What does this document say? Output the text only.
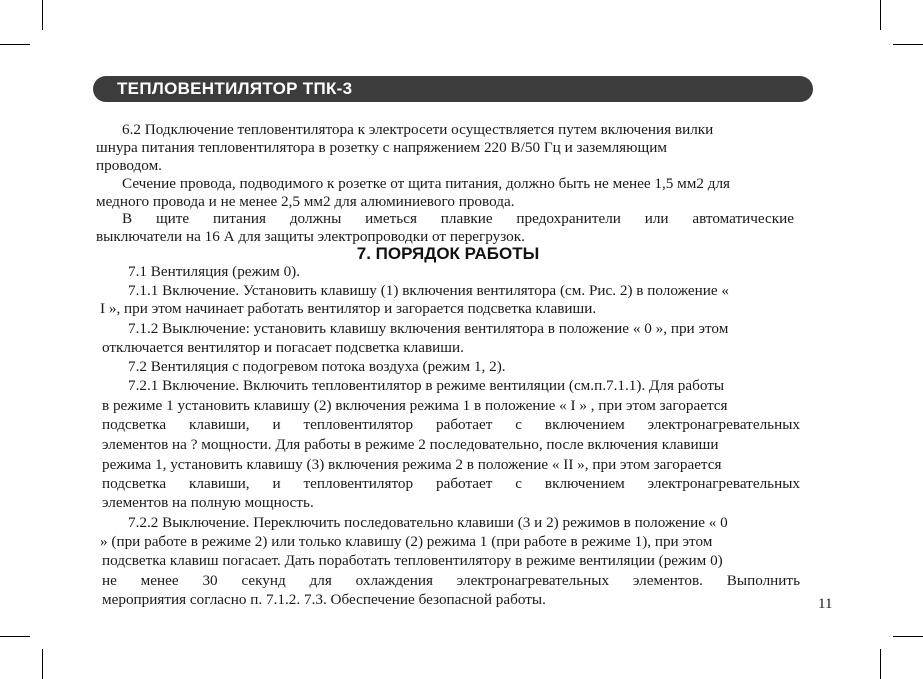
ТЕПЛОВЕНТИЛЯТОР ТПК-3
6.2 Подключение тепловентилятора к электросети осуществляется путем включения вилки
шнура питания тепловентилятора в розетку с напряжением 220 В/50 Гц и заземляющим
проводом.
Сечение провода, подводимого к розетке от щита питания, должно быть не менее 1,5 мм2 для
медного провода и не менее 2,5 мм2 для алюминиевого провода.
В щите питания должны иметься плавкие предохранители или автоматические
выключатели на 16 А для защиты электропроводки от перегрузок.
7. ПОРЯДОК РАБОТЫ
7.1 Вентиляция (режим 0).
7.1.1 Включение. Установить клавишу (1) включения вентилятора (см. Рис. 2) в положение «
I », при этом начинает работать вентилятор и загорается подсветка клавиши.
7.1.2 Выключение: установить клавишу включения вентилятора в положение « 0 », при этом
отключается вентилятор и погасает подсветка клавиши.
7.2 Вентиляция с подогревом потока воздуха (режим 1, 2).
7.2.1 Включение. Включить тепловентилятор в режиме вентиляции (см.п.7.1.1). Для работы
в режиме 1 установить клавишу (2) включения режима 1 в положение « I » , при этом загорается
подсветка клавиши, и тепловентилятор работает с включением электронагревательных
элементов на ? мощности. Для работы в режиме 2 последовательно, после включения клавиши
режима 1, установить клавишу (3) включения режима 2 в положение « II », при этом загорается
подсветка клавиши, и тепловентилятор работает с включением электронагревательных
элементов на полную мощность.
7.2.2 Выключение. Переключить последовательно клавиши (3 и 2) режимов в положение « 0
» (при работе в режиме 2) или только клавишу (2) режима 1 (при работе в режиме 1), при этом
подсветка клавиш погасает. Дать поработать тепловентилятору в режиме вентиляции (режим 0)
не менее 30 секунд для охлаждения электронагревательных элементов. Выполнить
мероприятия согласно п. 7.1.2. 7.3. Обеспечение безопасной работы.	11
